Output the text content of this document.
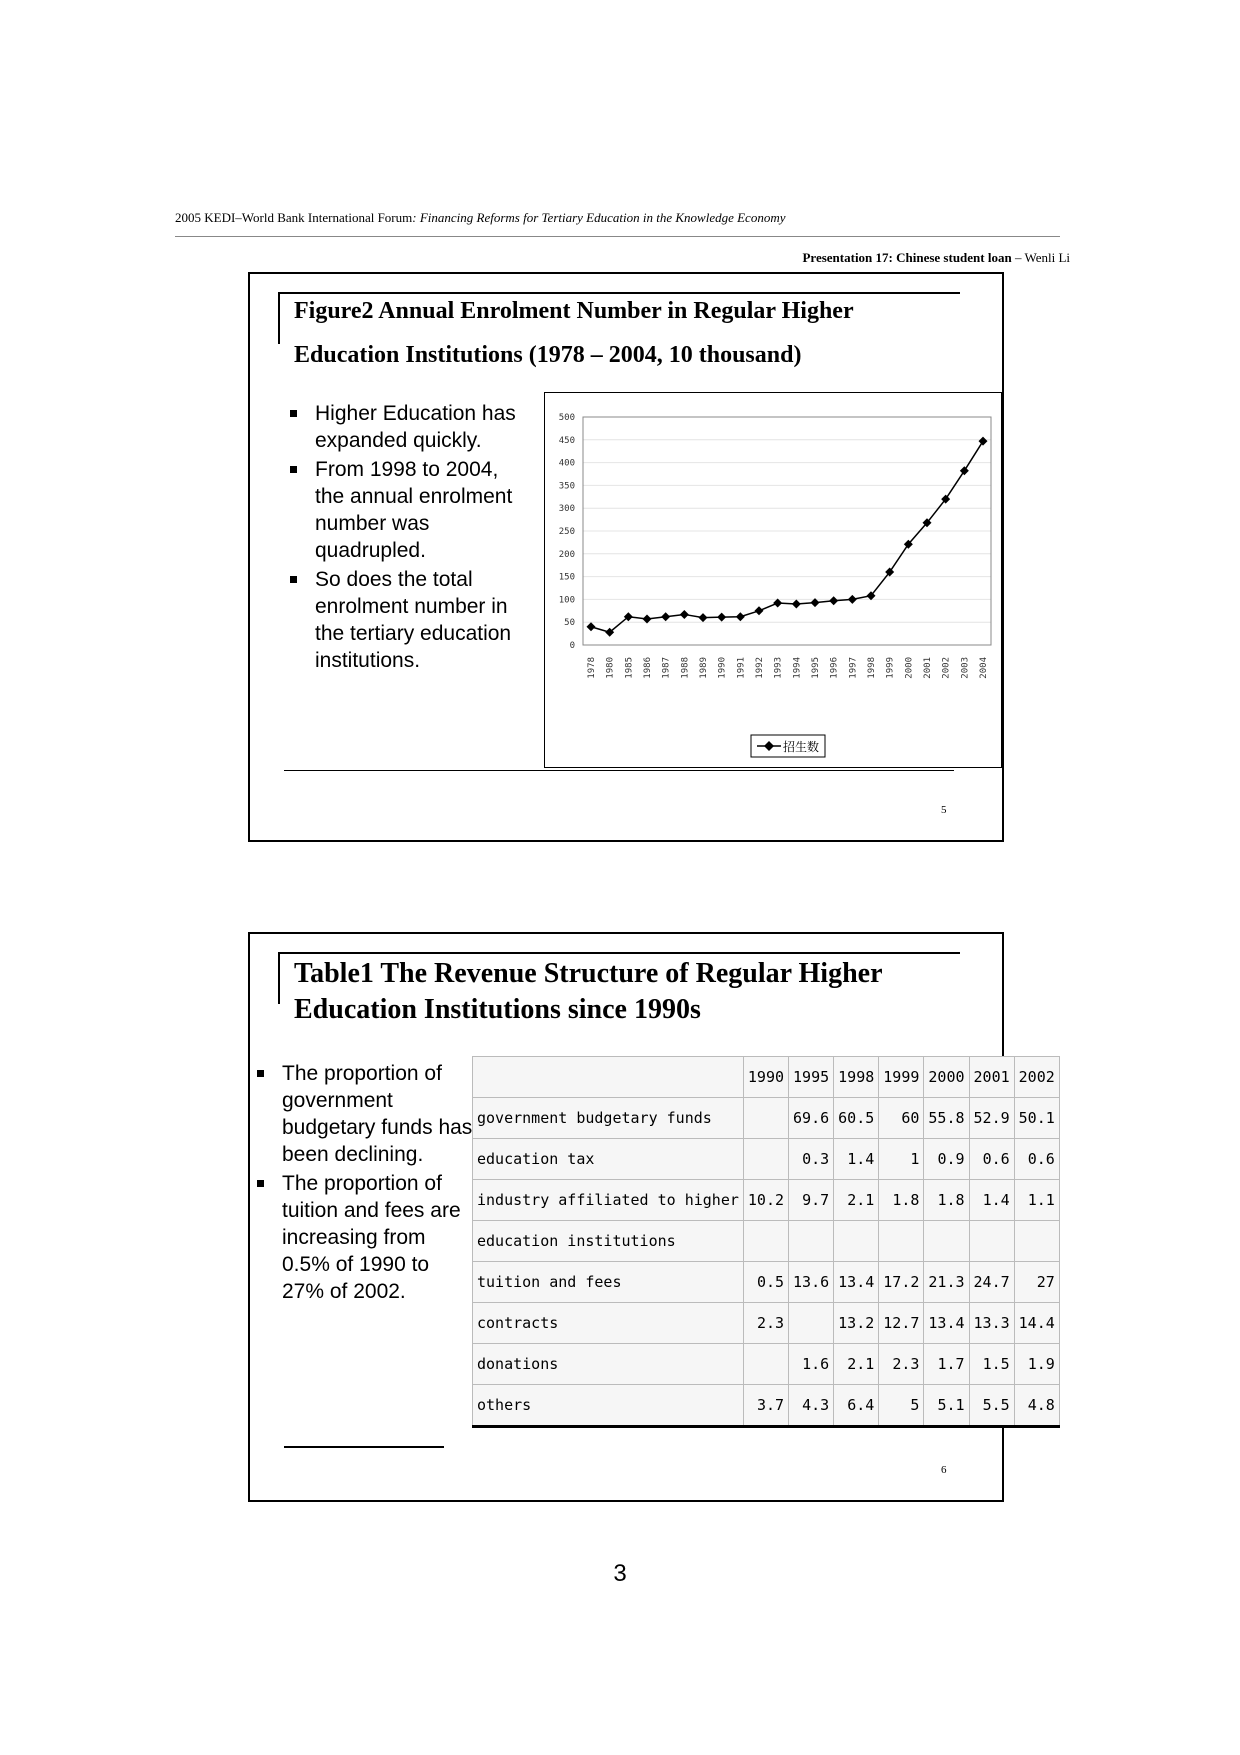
2005 KEDI–World Bank International Forum: Financing Reforms for Tertiary Education in the Knowledge Economy
Presentation 17: Chinese student loan – Wenli Li
Figure2 Annual Enrolment Number in Regular Higher
Education Institutions (1978 – 2004, 10 thousand)
Higher Education has expanded quickly.
From 1998 to 2004, the annual enrolment number was quadrupled.
So does the total enrolment number in the tertiary education institutions.
0
50
100
150
200
250
300
350
400
450
500
1978 1980 1985 1986 1987 1988 1989 1990 1991 1992 1993 1994 1995 1996 1997 1998 1999 2000 2001 2002 2003 2004
招生数
5
Table1 The Revenue Structure of Regular Higher
Education Institutions since 1990s
The proportion of government budgetary funds has been declining.
The proportion of tuition and fees are increasing from 0.5% of 1990 to 27% of 2002.
	1990	1995	1998	1999	2000	2001	2002
government budgetary funds		69.6	60.5	60	55.8	52.9	50.1
education tax		0.3	1.4	1	0.9	0.6	0.6
industry affiliated to higher	10.2	9.7	2.1	1.8	1.8	1.4	1.1
education institutions							
tuition and fees	0.5	13.6	13.4	17.2	21.3	24.7	27
contracts	2.3		13.2	12.7	13.4	13.3	14.4
donations		1.6	2.1	2.3	1.7	1.5	1.9
others	3.7	4.3	6.4	5	5.1	5.5	4.8
6
3
